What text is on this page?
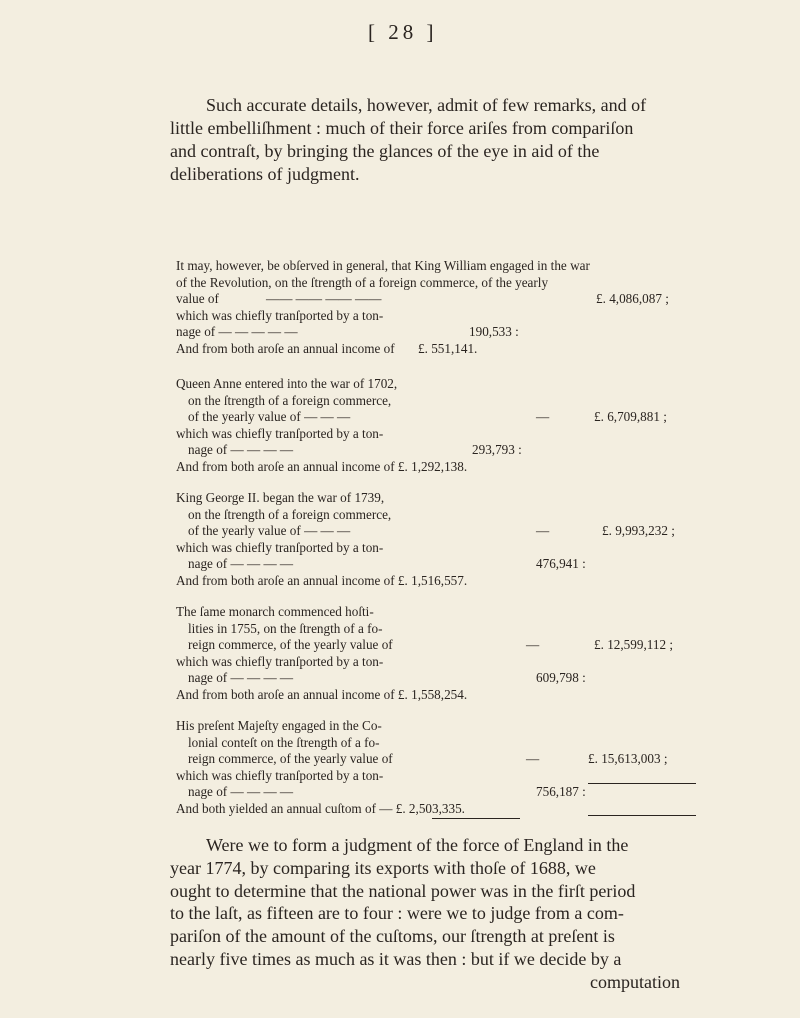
[ 28 ]
Such accurate details, however, admit of few remarks, and of
little embelliſhment : much of their force ariſes from compariſon
and contraſt, by bringing the glances of the eye in aid of the
deliberations of judgment.
It may, however, be obſerved in general, that King William engaged in the war
of the Revolution, on the ſtrength of a foreign commerce, of the yearly
value of	—— —— —— ——	£. 4,086,087 ;
which was chiefly tranſported by a ton-
nage of — — — — —	190,533 :
And from both aroſe an annual income of £. 551,141.
Queen Anne entered into the war of 1702,
on the ſtrength of a foreign commerce,
of the yearly value of — — —	—	£. 6,709,881 ;
which was chiefly tranſported by a ton-
nage of — — — —	293,793 :
And from both aroſe an annual income of £. 1,292,138.
King George II. began the war of 1739,
on the ſtrength of a foreign commerce,
of the yearly value of — — —	—	£. 9,993,232 ;
which was chiefly tranſported by a ton-
nage of — — — —	476,941 :
And from both aroſe an annual income of £. 1,516,557.
The ſame monarch commenced hoſti-
lities in 1755, on the ſtrength of a fo-
reign commerce, of the yearly value of	—	£. 12,599,112 ;
which was chiefly tranſported by a ton-
nage of — — — —	609,798 :
And from both aroſe an annual income of £. 1,558,254.
His preſent Majeſty engaged in the Co-
lonial conteſt on the ſtrength of a fo-
reign commerce, of the yearly value of	—	£. 15,613,003 ;
which was chiefly tranſported by a ton-
nage of — — — —	756,187 :
And both yielded an annual cuſtom of — £. 2,503,335.
Were we to form a judgment of the force of England in the
year 1774, by comparing its exports with thoſe of 1688, we
ought to determine that the national power was in the firſt period
to the laſt, as fifteen are to four : were we to judge from a com-
pariſon of the amount of the cuſtoms, our ſtrength at preſent is
nearly five times as much as it was then : but if we decide by a
computation
